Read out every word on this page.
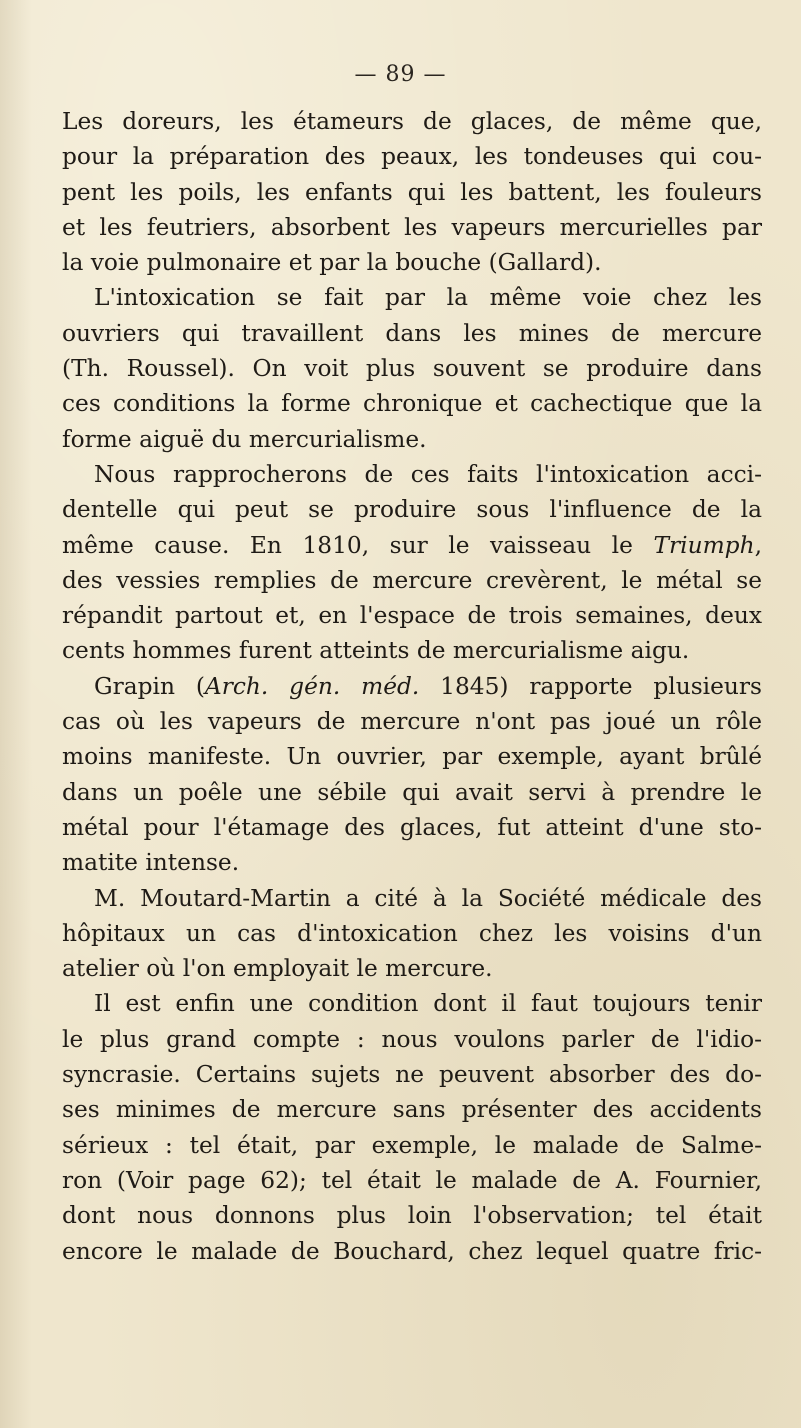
— 89 —
Les doreurs, les étameurs de glaces, de même que,
pour la préparation des peaux, les tondeuses qui cou-
pent les poils, les enfants qui les battent, les fouleurs
et les feutriers, absorbent les vapeurs mercurielles par
la voie pulmonaire et par la bouche (Gallard).
L'intoxication se fait par la même voie chez les
ouvriers qui travaillent dans les mines de mercure
(Th. Roussel). On voit plus souvent se produire dans
ces conditions la forme chronique et cachectique que la
forme aiguë du mercurialisme.
Nous rapprocherons de ces faits l'intoxication acci-
dentelle qui peut se produire sous l'influence de la
même cause. En 1810, sur le vaisseau le Triumph,
des vessies remplies de mercure crevèrent, le métal se
répandit partout et, en l'espace de trois semaines, deux
cents hommes furent atteints de mercurialisme aigu.
Grapin (Arch. gén. méd. 1845) rapporte plusieurs
cas où les vapeurs de mercure n'ont pas joué un rôle
moins manifeste. Un ouvrier, par exemple, ayant brûlé
dans un poêle une sébile qui avait servi à prendre le
métal pour l'étamage des glaces, fut atteint d'une sto-
matite intense.
M. Moutard-Martin a cité à la Société médicale des
hôpitaux un cas d'intoxication chez les voisins d'un
atelier où l'on employait le mercure.
Il est enfin une condition dont il faut toujours tenir
le plus grand compte : nous voulons parler de l'idio-
syncrasie. Certains sujets ne peuvent absorber des do-
ses minimes de mercure sans présenter des accidents
sérieux : tel était, par exemple, le malade de Salme-
ron (Voir page 62); tel était le malade de A. Fournier,
dont nous donnons plus loin l'observation; tel était
encore le malade de Bouchard, chez lequel quatre fric-
